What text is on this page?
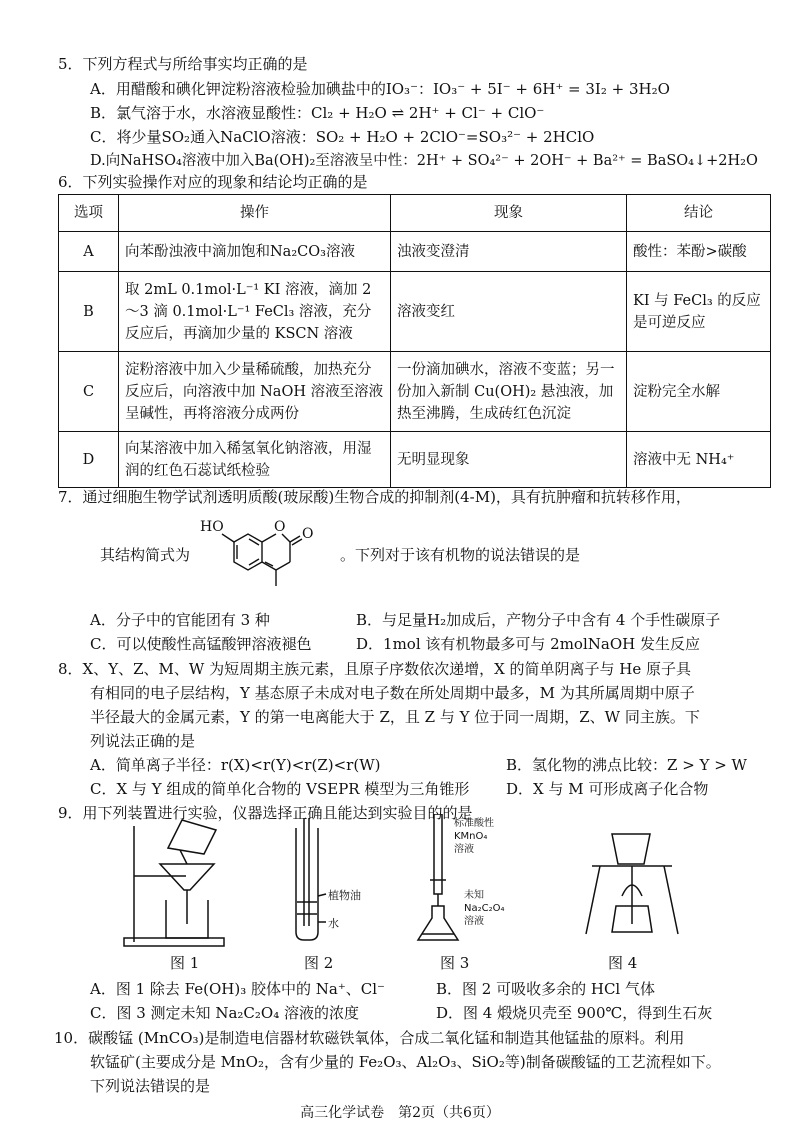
5．下列方程式与所给事实均正确的是
A．用醋酸和碘化钾淀粉溶液检验加碘盐中的IO₃⁻：IO₃⁻ + 5I⁻ + 6H⁺ = 3I₂ + 3H₂O
B．氯气溶于水，水溶液显酸性：Cl₂ + H₂O ⇌ 2H⁺ + Cl⁻ + ClO⁻
C．将少量SO₂通入NaClO溶液：SO₂ + H₂O + 2ClO⁻=SO₃²⁻ + 2HClO
D.向NaHSO₄溶液中加入Ba(OH)₂至溶液呈中性：2H⁺ + SO₄²⁻ + 2OH⁻ + Ba²⁺ = BaSO₄↓+2H₂O
6．下列实验操作对应的现象和结论均正确的是
选项	操作	现象	结论
A	向苯酚浊液中滴加饱和Na₂CO₃溶液	浊液变澄清	酸性：苯酚>碳酸
B	取 2mL 0.1mol·L⁻¹ KI 溶液，滴加 2～3 滴 0.1mol·L⁻¹ FeCl₃ 溶液，充分反应后，再滴加少量的 KSCN 溶液	溶液变红	KI 与 FeCl₃ 的反应是可逆反应
C	淀粉溶液中加入少量稀硫酸，加热充分反应后，向溶液中加 NaOH 溶液至溶液呈碱性，再将溶液分成两份	一份滴加碘水，溶液不变蓝；另一份加入新制 Cu(OH)₂ 悬浊液，加热至沸腾，生成砖红色沉淀	淀粉完全水解
D	向某溶液中加入稀氢氧化钠溶液，用湿润的红色石蕊试纸检验	无明显现象	溶液中无 NH₄⁺
7．通过细胞生物学试剂透明质酸(玻尿酸)生物合成的抑制剂(4-M)，具有抗肿瘤和抗转移作用，
其结构简式为
HO	O O
。下列对于该有机物的说法错误的是
A．分子中的官能团有 3 种	B．与足量H₂加成后，产物分子中含有 4 个手性碳原子
C．可以使酸性高锰酸钾溶液褪色	D．1mol 该有机物最多可与 2molNaOH 发生反应
8．X、Y、Z、M、W 为短周期主族元素，且原子序数依次递增，X 的简单阴离子与 He 原子具
有相同的电子层结构，Y 基态原子未成对电子数在所处周期中最多，M 为其所属周期中原子
半径最大的金属元素，Y 的第一电离能大于 Z，且 Z 与 Y 位于同一周期，Z、W 同主族。下
列说法正确的是
A．简单离子半径：r(X)<r(Y)<r(Z)<r(W)	B．氢化物的沸点比较：Z > Y > W
C．X 与 Y 组成的简单化合物的 VSEPR 模型为三角锥形 D．X 与 M 可形成离子化合物
9．用下列装置进行实验，仪器选择正确且能达到实验目的的是
植物油
水
标准酸性
KMnO₄
溶液
未知
Na₂C₂O₄
溶液
图 1	图 2	图 3	图 4
A．图 1 除去 Fe(OH)₃ 胶体中的 Na⁺、Cl⁻	B．图 2 可吸收多余的 HCl 气体
C．图 3 测定未知 Na₂C₂O₄ 溶液的浓度	D．图 4 煅烧贝壳至 900℃，得到生石灰
10．碳酸锰 (MnCO₃)是制造电信器材软磁铁氧体，合成二氧化锰和制造其他锰盐的原料。利用
软锰矿(主要成分是 MnO₂，含有少量的 Fe₂O₃、Al₂O₃、SiO₂等)制备碳酸锰的工艺流程如下。
下列说法错误的是
高三化学试卷　第2页（共6页）
